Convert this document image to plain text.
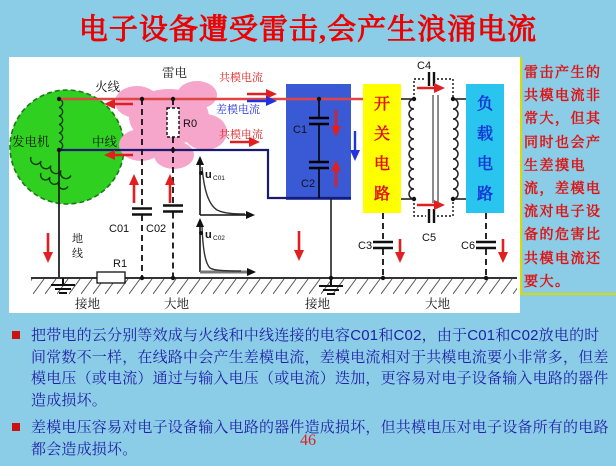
电子设备遭受雷击,会产生浪涌电流
u C01
u C02
发电机	中线
火线
雷电
R0
共模电流
差模电流
共模电流
地
线
C01 C02
R1
C1
C2
C3
C4
C5
C6
接地	大地	接地	大地
开
关
电
路
负
载
电
路
雷击产生的共模电流非常大，但其同时也会产生差摸电流，差模电流对电子设备的危害比共模电流还要大。
把带电的云分别等效成与火线和中线连接的电容C01和C02，由于C01和C02放电的时间常数不一样，在线路中会产生差模电流，差模电流相对于共模电流要小非常多，但差模电压（或电流）通过与输入电压（或电流）迭加，更容易对电子设备输入电路的器件造成损坏。
差模电压容易对电子设备输入电路的器件造成损坏，但共模电压对电子设备所有的电路都会造成损坏。	46
